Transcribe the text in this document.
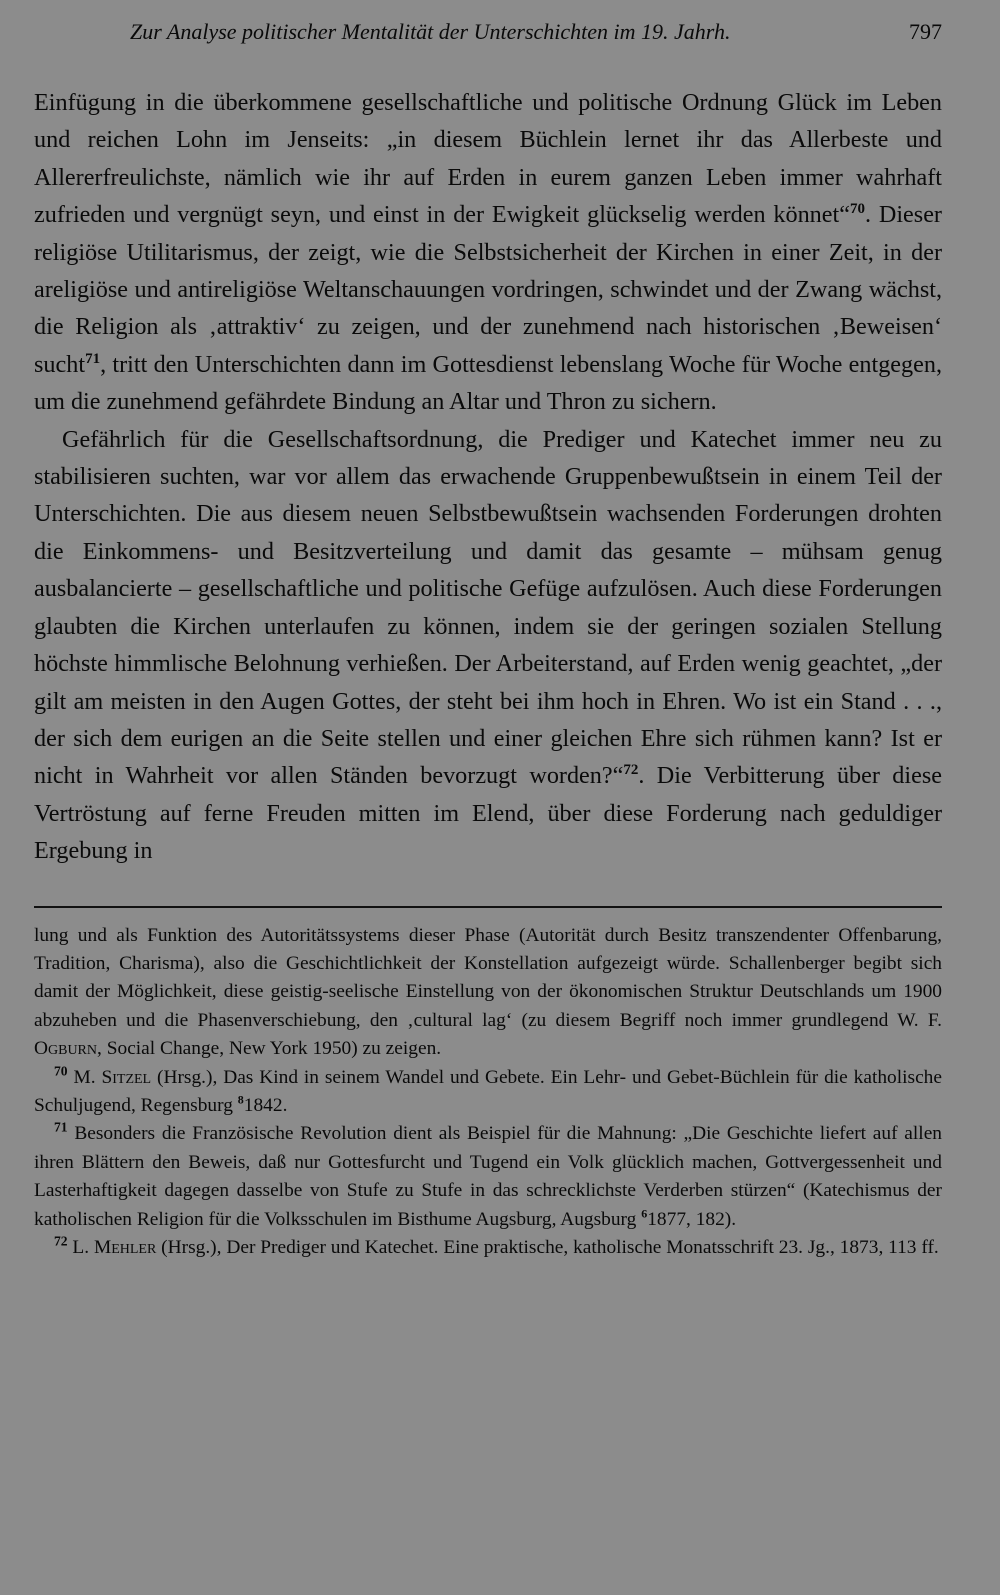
Zur Analyse politischer Mentalität der Unterschichten im 19. Jahrh.	797

Einfügung in die überkommene gesellschaftliche und politische Ordnung Glück im Leben und reichen Lohn im Jenseits: „in diesem Büchlein lernet ihr das Allerbeste und Allererfreulichste, nämlich wie ihr auf Erden in eurem ganzen Leben immer wahrhaft zufrieden und vergnügt seyn, und einst in der Ewigkeit glückselig werden könnet“$^{70}$. Dieser religiöse Utilitarismus, der zeigt, wie die Selbstsicherheit der Kirchen in einer Zeit, in der areligiöse und antireligiöse Weltanschauungen vordringen, schwindet und der Zwang wächst, die Religion als ‚attraktiv‘ zu zeigen, und der zunehmend nach historischen ‚Beweisen‘ sucht$^{71}$, tritt den Unterschichten dann im Gottesdienst lebenslang Woche für Woche entgegen, um die zunehmend gefährdete Bindung an Altar und Thron zu sichern.

Gefährlich für die Gesellschaftsordnung, die Prediger und Katechet immer neu zu stabilisieren suchten, war vor allem das erwachende Gruppenbewußtsein in einem Teil der Unterschichten. Die aus diesem neuen Selbstbewußtsein wachsenden Forderungen drohten die Einkommens- und Besitzverteilung und damit das gesamte – mühsam genug ausbalancierte – gesellschaftliche und politische Gefüge aufzulösen. Auch diese Forderungen glaubten die Kirchen unterlaufen zu können, indem sie der geringen sozialen Stellung höchste himmlische Belohnung verhießen. Der Arbeiterstand, auf Erden wenig geachtet, „der gilt am meisten in den Augen Gottes, der steht bei ihm hoch in Ehren. Wo ist ein Stand . . ., der sich dem eurigen an die Seite stellen und einer gleichen Ehre sich rühmen kann? Ist er nicht in Wahrheit vor allen Ständen bevorzugt worden?“$^{72}$. Die Verbitterung über diese Vertröstung auf ferne Freuden mitten im Elend, über diese Forderung nach geduldiger Ergebung in

lung und als Funktion des Autoritätssystems dieser Phase (Autorität durch Besitz transzendenter Offenbarung, Tradition, Charisma), also die Geschichtlichkeit der Konstellation aufgezeigt würde. Schallenberger begibt sich damit der Möglichkeit, diese geistig-seelische Einstellung von der ökonomischen Struktur Deutschlands um 1900 abzuheben und die Phasenverschiebung, den ‚cultural lag‘ (zu diesem Begriff noch immer grundlegend W. F. Ogburn, Social Change, New York 1950) zu zeigen.

$^{70}$ M. Sitzel (Hrsg.), Das Kind in seinem Wandel und Gebete. Ein Lehr- und Gebet-Büchlein für die katholische Schuljugend, Regensburg $^8$1842.

$^{71}$ Besonders die Französische Revolution dient als Beispiel für die Mahnung: „Die Geschichte liefert auf allen ihren Blättern den Beweis, daß nur Gottesfurcht und Tugend ein Volk glücklich machen, Gottvergessenheit und Lasterhaftigkeit dagegen dasselbe von Stufe zu Stufe in das schrecklichste Verderben stürzen“ (Katechismus der katholischen Religion für die Volksschulen im Bisthume Augsburg, Augsburg $^6$1877, 182).

$^{72}$ L. Mehler (Hrsg.), Der Prediger und Katechet. Eine praktische, katholische Monatsschrift 23. Jg., 1873, 113 ff.
